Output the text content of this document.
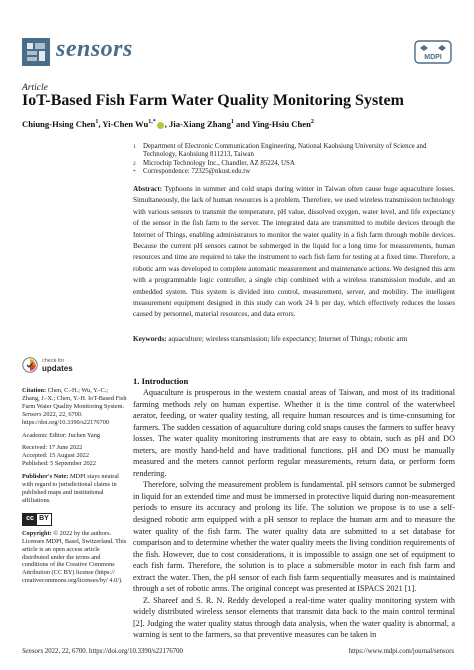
sensors	MDPI
Article
IoT-Based Fish Farm Water Quality Monitoring System
Chiung-Hsing Chen$^1$, Yi-Chen $Wu^{1,*}$ , Jia-Xiang Zhang$^1$ and Ying-Hsiu Chen$^2$
1 Department of Electronic Communication Engineering, National Kaohsiung University of Science and Technology, Kaohsiung 811213, Taiwan
2 Microchip Technology Inc., Chandler, AZ 85224, USA
* Correspondence: 72325@nkust.edu.tw
Abstract: Typhoons in summer and cold snaps during winter in Taiwan often cause huge aquaculture losses. Simultaneously, the lack of human resources is a problem. Therefore, we used wireless transmission technology with various sensors to transmit the temperature, pH value, dissolved oxygen, water level, and life expectancy of the sensor in the fish farm to the server. The integrated data are transmitted to mobile devices through the Internet of Things, enabling administrators to monitor the water quality in a fish farm through mobile devices. Because the current pH sensors cannot be submerged in the liquid for a long time for measurements, human resources and time are required to take the instrument to each fish farm for testing at a fixed time. Therefore, a robotic arm was developed to complete automatic measurement and maintenance actions. We designed this arm with a programmable logic controller, a single chip combined with a wireless transmission module, and an embedded system. This system is divided into control, measurement, server, and mobility. The intelligent measurement equipment designed in this study can work 24 h per day, which effectively reduces the losses caused by personnel, material resources, and data errors.
Keywords: aquaculture; wireless transmission; life expectancy; Internet of Things; robotic arm
check for
updates
Citation: Chen, C.-H.; Wu, Y.-C.; Zhang, J.-X.; Chen, Y.-H. IoT-Based Fish Farm Water Quality Monitoring System. Sensors 2022, 22, 6700. https://doi.org/10.3390/s22176700
Academic Editor: Juchen Yang
Received: 17 June 2022
Accepted: 15 August 2022
Published: 5 September 2022
Publisher's Note: MDPI stays neutral with regard to jurisdictional claims in published maps and institutional affiliations.
cc BY
Copyright: © 2022 by the authors. Licensee MDPI, Basel, Switzerland. This article is an open access article distributed under the terms and conditions of the Creative Commons Attribution (CC BY) license (https:// creativecommons.org/licenses/by/ 4.0/).
1. Introduction

Aquaculture is prosperous in the western coastal areas of Taiwan, and most of its traditional farming methods rely on human expertise. Whether it is the time control of the waterwheel aerator, feeding, or water quality testing, all require human resources and is time-consuming for farmers. The sudden cessation of aquaculture during cold snaps causes the farmers to suffer heavy losses. The water quality monitoring instruments that are easy to obtain, such as pH and DO meters, are mostly hand-held and have traditional functions. pH and DO must be manually measured and the meters cannot perform regular measurements, return data, or perform form rendering.

Therefore, solving the measurement problem is fundamental. pH sensors cannot be submerged in liquid for an extended time and must be immersed in protective liquid during non-measurement periods to ensure its accuracy and prolong its life. The solution we propose is to use a self-designed robotic arm equipped with a pH sensor to replace the human arm and to measure the water quality of the fish farm. The water quality data are submitted to a set database for comparison and to determine whether the water quality meets the living condition requirements of the fish. However, due to cost considerations, it is impossible to assign one set of equipment to each fish farm. Therefore, the solution is to place a submersible motor in each fish farm and extract the water. Then, the pH sensor of each fish farm sequentially measures and is maintained through a set of robotic arms. The original concept was presented at ISPACS 2021 [1].

Z. Shareef and S. R. N. Reddy developed a real-time water quality monitoring system with widely distributed wireless sensor elements that transmit data back to the main control terminal [2]. Judging the water quality status through data analysis, when the water quality is abnormal, a warning is sent to the farmers, so that preventive measures can be taken in

Sensors 2022, 22, 6700. https://doi.org/10.3390/s22176700	https://www.mdpi.com/journal/sensors
